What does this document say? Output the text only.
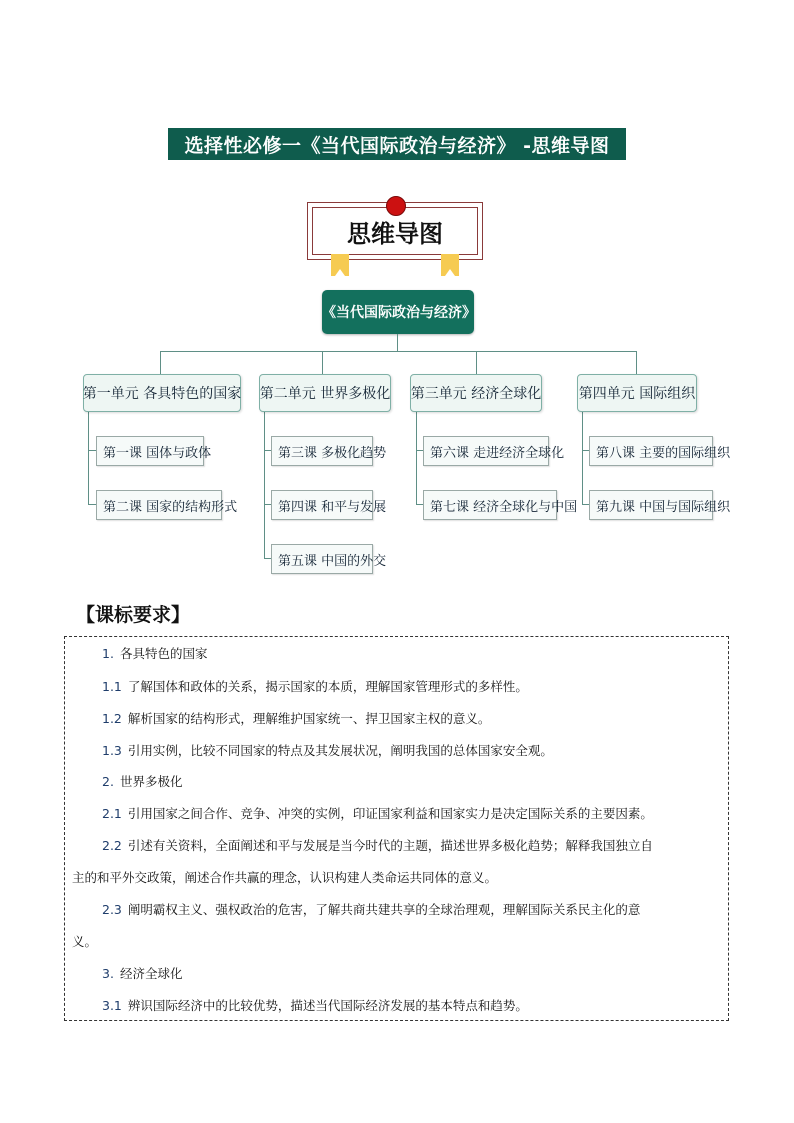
选择性必修一《当代国际政治与经济》 -思维导图
思维导图
《当代国际政治与经济》
第一单元 各具特色的国家 第二单元 世界多极化 第三单元 经济全球化	第四单元 国际组织
第一课 国体与政体
第二课 国家的结构形式
第三课 多极化趋势
第四课 和平与发展
第五课 中国的外交
第六课 走进经济全球化
第七课 经济全球化与中国
第八课 主要的国际组织
第九课 中国与国际组织
【课标要求】
1. 各具特色的国家
1.1 了解国体和政体的关系，揭示国家的本质，理解国家管理形式的多样性。
1.2 解析国家的结构形式，理解维护国家统一、捍卫国家主权的意义。
1.3 引用实例，比较不同国家的特点及其发展状况，阐明我国的总体国家安全观。
2. 世界多极化
2.1 引用国家之间合作、竞争、冲突的实例，印证国家利益和国家实力是决定国际关系的主要因素。
2.2 引述有关资料，全面阐述和平与发展是当今时代的主题，描述世界多极化趋势；解释我国独立自
主的和平外交政策，阐述合作共赢的理念，认识构建人类命运共同体的意义。
2.3 阐明霸权主义、强权政治的危害，了解共商共建共享的全球治理观，理解国际关系民主化的意
义。
3. 经济全球化
3.1 辨识国际经济中的比较优势，描述当代国际经济发展的基本特点和趋势。
